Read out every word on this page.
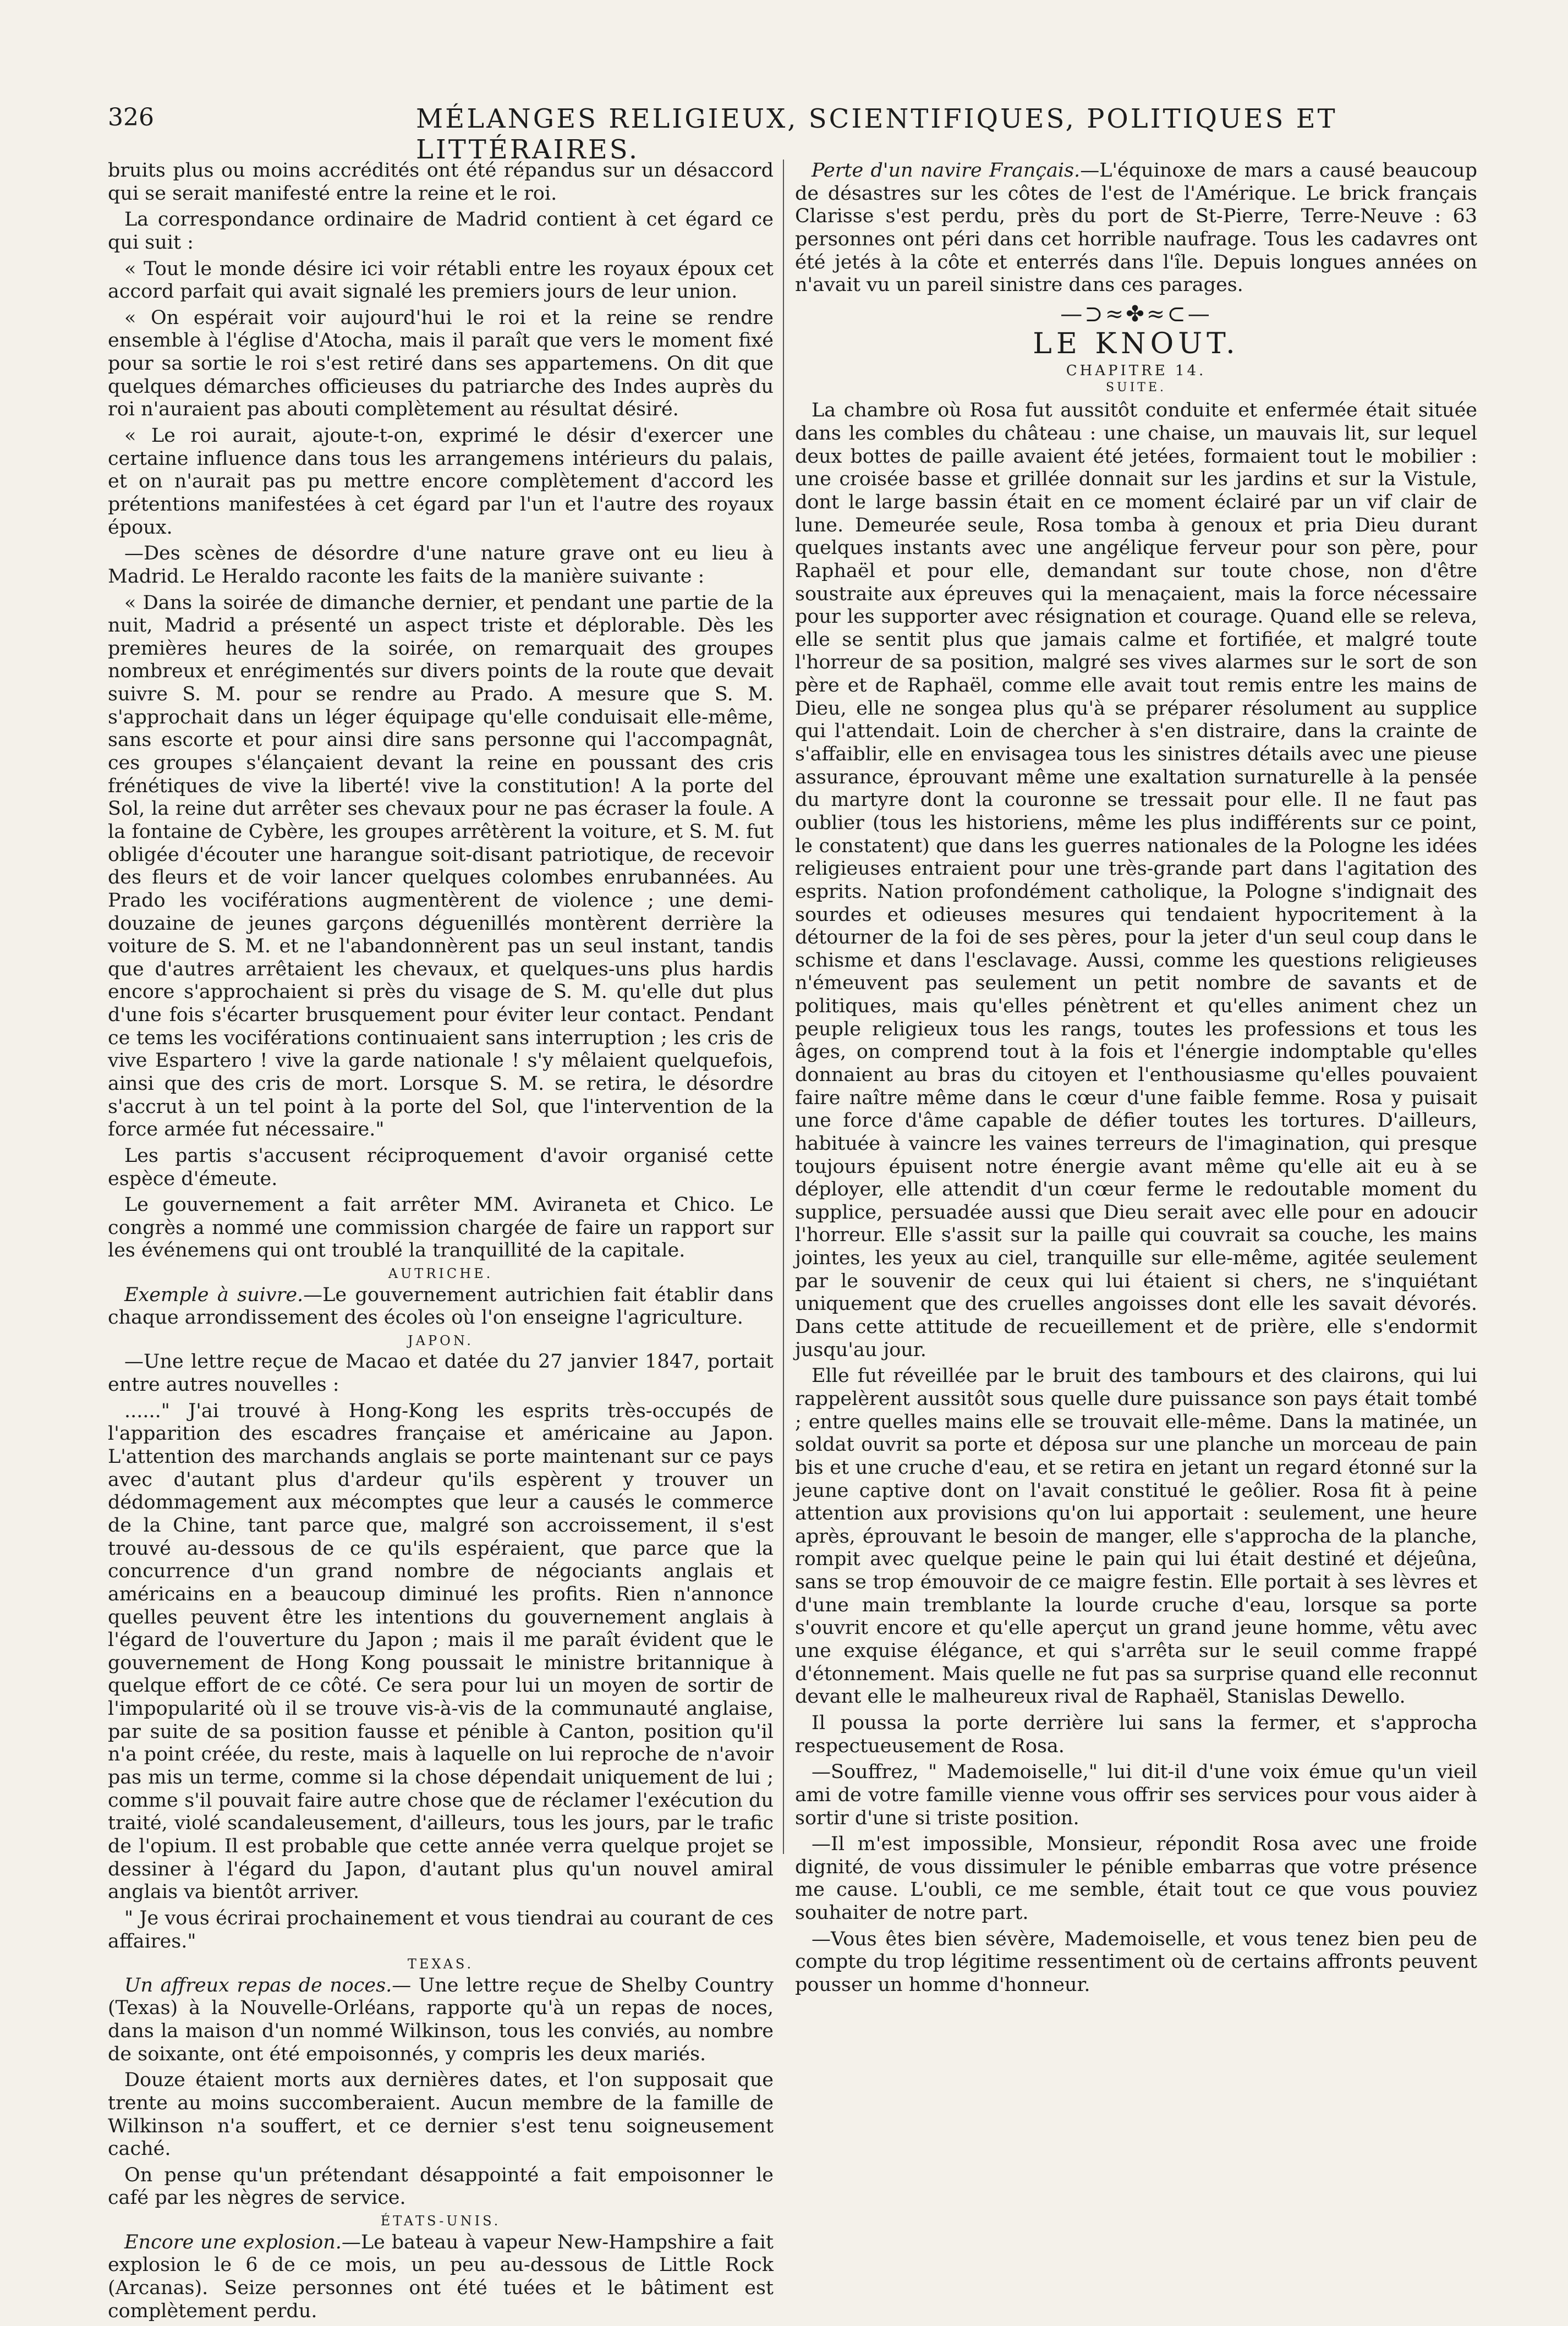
326	MÉLANGES RELIGIEUX, SCIENTIFIQUES, POLITIQUES ET LITTÉRAIRES.

bruits plus ou moins accrédités ont été répandus sur un désaccord qui se serait manifesté entre la reine et le roi.

La correspondance ordinaire de Madrid contient à cet égard ce qui suit :

« Tout le monde désire ici voir rétabli entre les royaux époux cet accord parfait qui avait signalé les premiers jours de leur union.

« On espérait voir aujourd'hui le roi et la reine se rendre ensemble à l'église d'Atocha, mais il paraît que vers le moment fixé pour sa sortie le roi s'est retiré dans ses appartemens. On dit que quelques démarches officieuses du patriarche des Indes auprès du roi n'auraient pas abouti complètement au résultat désiré.

« Le roi aurait, ajoute-t-on, exprimé le désir d'exercer une certaine influence dans tous les arrangemens intérieurs du palais, et on n'aurait pas pu mettre encore complètement d'accord les prétentions manifestées à cet égard par l'un et l'autre des royaux époux.

—Des scènes de désordre d'une nature grave ont eu lieu à Madrid. Le Heraldo raconte les faits de la manière suivante :

« Dans la soirée de dimanche dernier, et pendant une partie de la nuit, Madrid a présenté un aspect triste et déplorable. Dès les premières heures de la soirée, on remarquait des groupes nombreux et enrégimentés sur divers points de la route que devait suivre S. M. pour se rendre au Prado. A mesure que S. M. s'approchait dans un léger équipage qu'elle conduisait elle-même, sans escorte et pour ainsi dire sans personne qui l'accompagnât, ces groupes s'élançaient devant la reine en poussant des cris frénétiques de vive la liberté! vive la constitution! A la porte del Sol, la reine dut arrêter ses chevaux pour ne pas écraser la foule. A la fontaine de Cybère, les groupes arrêtèrent la voiture, et S. M. fut obligée d'écouter une harangue soit-disant patriotique, de recevoir des fleurs et de voir lancer quelques colombes enrubannées. Au Prado les vociférations augmentèrent de violence ; une demi-douzaine de jeunes garçons déguenillés montèrent derrière la voiture de S. M. et ne l'abandonnèrent pas un seul instant, tandis que d'autres arrêtaient les chevaux, et quelques-uns plus hardis encore s'approchaient si près du visage de S. M. qu'elle dut plus d'une fois s'écarter brusquement pour éviter leur contact. Pendant ce tems les vociférations continuaient sans interruption ; les cris de vive Espartero ! vive la garde nationale ! s'y mêlaient quelquefois, ainsi que des cris de mort. Lorsque S. M. se retira, le désordre s'accrut à un tel point à la porte del Sol, que l'intervention de la force armée fut nécessaire."

Les partis s'accusent réciproquement d'avoir organisé cette espèce d'émeute.

Le gouvernement a fait arrêter MM. Aviraneta et Chico. Le congrès a nommé une commission chargée de faire un rapport sur les événemens qui ont troublé la tranquillité de la capitale.

AUTRICHE.

Exemple à suivre.—Le gouvernement autrichien fait établir dans chaque arrondissement des écoles où l'on enseigne l'agriculture.

JAPON.

—Une lettre reçue de Macao et datée du 27 janvier 1847, portait entre autres nouvelles :

......" J'ai trouvé à Hong-Kong les esprits très-occupés de l'apparition des escadres française et américaine au Japon. L'attention des marchands anglais se porte maintenant sur ce pays avec d'autant plus d'ardeur qu'ils espèrent y trouver un dédommagement aux mécomptes que leur a causés le commerce de la Chine, tant parce que, malgré son accroissement, il s'est trouvé au-dessous de ce qu'ils espéraient, que parce que la concurrence d'un grand nombre de négociants anglais et américains en a beaucoup diminué les profits. Rien n'annonce quelles peuvent être les intentions du gouvernement anglais à l'égard de l'ouverture du Japon ; mais il me paraît évident que le gouvernement de Hong Kong poussait le ministre britannique à quelque effort de ce côté. Ce sera pour lui un moyen de sortir de l'impopularité où il se trouve vis-à-vis de la communauté anglaise, par suite de sa position fausse et pénible à Canton, position qu'il n'a point créée, du reste, mais à laquelle on lui reproche de n'avoir pas mis un terme, comme si la chose dépendait uniquement de lui ; comme s'il pouvait faire autre chose que de réclamer l'exécution du traité, violé scandaleusement, d'ailleurs, tous les jours, par le trafic de l'opium. Il est probable que cette année verra quelque projet se dessiner à l'égard du Japon, d'autant plus qu'un nouvel amiral anglais va bientôt arriver.

" Je vous écrirai prochainement et vous tiendrai au courant de ces affaires."

TEXAS.

Un affreux repas de noces.— Une lettre reçue de Shelby Country (Texas) à la Nouvelle-Orléans, rapporte qu'à un repas de noces, dans la maison d'un nommé Wilkinson, tous les conviés, au nombre de soixante, ont été empoisonnés, y compris les deux mariés.

Douze étaient morts aux dernières dates, et l'on supposait que trente au moins succomberaient. Aucun membre de la famille de Wilkinson n'a souffert, et ce dernier s'est tenu soigneusement caché.

On pense qu'un prétendant désappointé a fait empoisonner le café par les nègres de service.

ÉTATS-UNIS.

Encore une explosion.—Le bateau à vapeur New-Hampshire a fait explosion le 6 de ce mois, un peu au-dessous de Little Rock (Arcanas). Seize personnes ont été tuées et le bâtiment est complètement perdu.

Perte d'un navire Français.—L'équinoxe de mars a causé beaucoup de désastres sur les côtes de l'est de l'Amérique. Le brick français Clarisse s'est perdu, près du port de St-Pierre, Terre-Neuve : 63 personnes ont péri dans cet horrible naufrage. Tous les cadavres ont été jetés à la côte et enterrés dans l'île. Depuis longues années on n'avait vu un pareil sinistre dans ces parages.

—⊃≈✤≈⊂—
LE KNOUT.
CHAPITRE 14.
SUITE.

La chambre où Rosa fut aussitôt conduite et enfermée était située dans les combles du château : une chaise, un mauvais lit, sur lequel deux bottes de paille avaient été jetées, formaient tout le mobilier : une croisée basse et grillée donnait sur les jardins et sur la Vistule, dont le large bassin était en ce moment éclairé par un vif clair de lune. Demeurée seule, Rosa tomba à genoux et pria Dieu durant quelques instants avec une angélique ferveur pour son père, pour Raphaël et pour elle, demandant sur toute chose, non d'être soustraite aux épreuves qui la menaçaient, mais la force nécessaire pour les supporter avec résignation et courage. Quand elle se releva, elle se sentit plus que jamais calme et fortifiée, et malgré toute l'horreur de sa position, malgré ses vives alarmes sur le sort de son père et de Raphaël, comme elle avait tout remis entre les mains de Dieu, elle ne songea plus qu'à se préparer résolument au supplice qui l'attendait. Loin de chercher à s'en distraire, dans la crainte de s'affaiblir, elle en envisagea tous les sinistres détails avec une pieuse assurance, éprouvant même une exaltation surnaturelle à la pensée du martyre dont la couronne se tressait pour elle. Il ne faut pas oublier (tous les historiens, même les plus indifférents sur ce point, le constatent) que dans les guerres nationales de la Pologne les idées religieuses entraient pour une très-grande part dans l'agitation des esprits. Nation profondément catholique, la Pologne s'indignait des sourdes et odieuses mesures qui tendaient hypocritement à la détourner de la foi de ses pères, pour la jeter d'un seul coup dans le schisme et dans l'esclavage. Aussi, comme les questions religieuses n'émeuvent pas seulement un petit nombre de savants et de politiques, mais qu'elles pénètrent et qu'elles animent chez un peuple religieux tous les rangs, toutes les professions et tous les âges, on comprend tout à la fois et l'énergie indomptable qu'elles donnaient au bras du citoyen et l'enthousiasme qu'elles pouvaient faire naître même dans le cœur d'une faible femme. Rosa y puisait une force d'âme capable de défier toutes les tortures. D'ailleurs, habituée à vaincre les vaines terreurs de l'imagination, qui presque toujours épuisent notre énergie avant même qu'elle ait eu à se déployer, elle attendit d'un cœur ferme le redoutable moment du supplice, persuadée aussi que Dieu serait avec elle pour en adoucir l'horreur. Elle s'assit sur la paille qui couvrait sa couche, les mains jointes, les yeux au ciel, tranquille sur elle-même, agitée seulement par le souvenir de ceux qui lui étaient si chers, ne s'inquiétant uniquement que des cruelles angoisses dont elle les savait dévorés. Dans cette attitude de recueillement et de prière, elle s'endormit jusqu'au jour.

Elle fut réveillée par le bruit des tambours et des clairons, qui lui rappelèrent aussitôt sous quelle dure puissance son pays était tombé ; entre quelles mains elle se trouvait elle-même. Dans la matinée, un soldat ouvrit sa porte et déposa sur une planche un morceau de pain bis et une cruche d'eau, et se retira en jetant un regard étonné sur la jeune captive dont on l'avait constitué le geôlier. Rosa fit à peine attention aux provisions qu'on lui apportait : seulement, une heure après, éprouvant le besoin de manger, elle s'approcha de la planche, rompit avec quelque peine le pain qui lui était destiné et déjeûna, sans se trop émouvoir de ce maigre festin. Elle portait à ses lèvres et d'une main tremblante la lourde cruche d'eau, lorsque sa porte s'ouvrit encore et qu'elle aperçut un grand jeune homme, vêtu avec une exquise élégance, et qui s'arrêta sur le seuil comme frappé d'étonnement. Mais quelle ne fut pas sa surprise quand elle reconnut devant elle le malheureux rival de Raphaël, Stanislas Dewello.

Il poussa la porte derrière lui sans la fermer, et s'approcha respectueusement de Rosa.

—Souffrez, " Mademoiselle," lui dit-il d'une voix émue qu'un vieil ami de votre famille vienne vous offrir ses services pour vous aider à sortir d'une si triste position.

—Il m'est impossible, Monsieur, répondit Rosa avec une froide dignité, de vous dissimuler le pénible embarras que votre présence me cause. L'oubli, ce me semble, était tout ce que vous pouviez souhaiter de notre part.

—Vous êtes bien sévère, Mademoiselle, et vous tenez bien peu de compte du trop légitime ressentiment où de certains affronts peuvent pousser un homme d'honneur.
